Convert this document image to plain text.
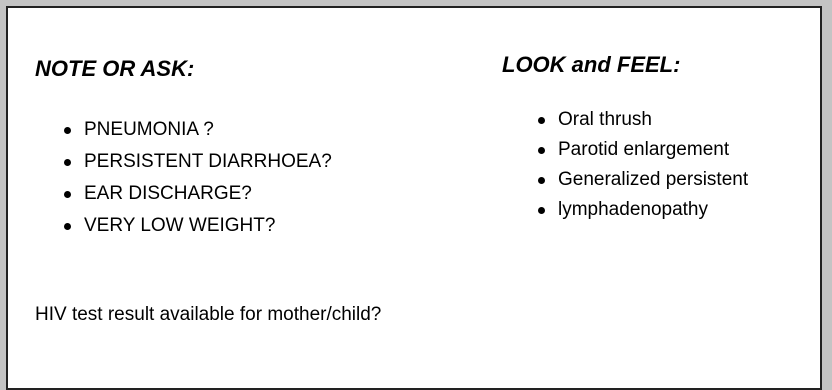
NOTE OR ASK:
PNEUMONIA ?
PERSISTENT DIARRHOEA?
EAR DISCHARGE?
VERY LOW WEIGHT?
LOOK and FEEL:
Oral thrush
Parotid enlargement
Generalized persistent
lymphadenopathy

HIV test result available for mother/child?
